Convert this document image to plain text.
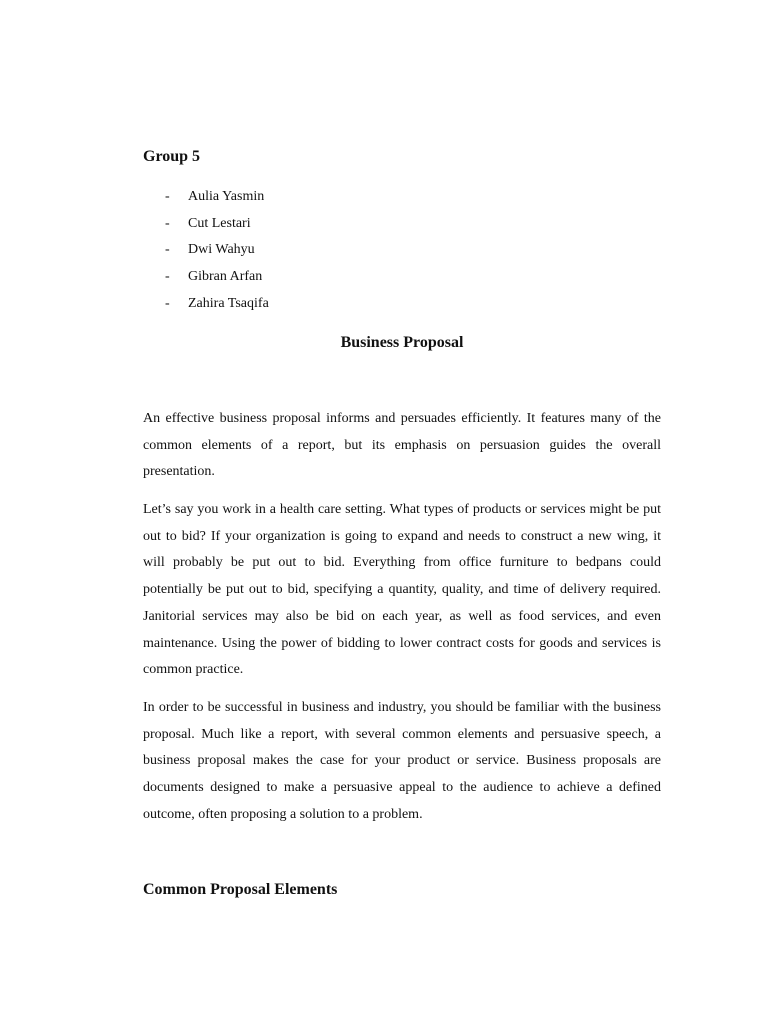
Group 5
- Aulia Yasmin
- Cut Lestari
- Dwi Wahyu
- Gibran Arfan
- Zahira Tsaqifa
Business Proposal

An effective business proposal informs and persuades efficiently. It features many of the common elements of a report, but its emphasis on persuasion guides the overall presentation.

Let’s say you work in a health care setting. What types of products or services might be put out to bid? If your organization is going to expand and needs to construct a new wing, it will probably be put out to bid. Everything from office furniture to bedpans could potentially be put out to bid, specifying a quantity, quality, and time of delivery required. Janitorial services may also be bid on each year, as well as food services, and even maintenance. Using the power of bidding to lower contract costs for goods and services is common practice.

In order to be successful in business and industry, you should be familiar with the business proposal. Much like a report, with several common elements and persuasive speech, a business proposal makes the case for your product or service. Business proposals are documents designed to make a persuasive appeal to the audience to achieve a defined outcome, often proposing a solution to a problem.

Common Proposal Elements
